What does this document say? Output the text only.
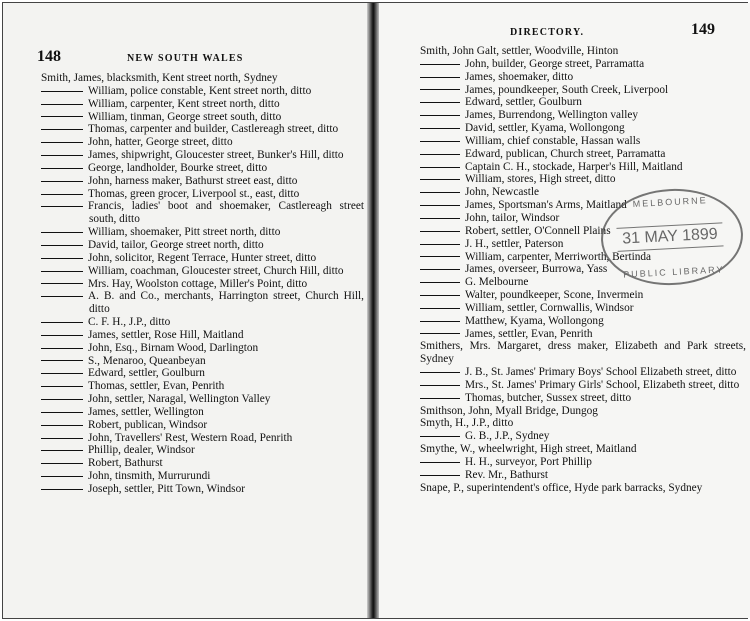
148	NEW SOUTH WALES
Smith, James, blacksmith, Kent street north, Sydney
William, police constable, Kent street north, ditto
William, carpenter, Kent street north, ditto
William, tinman, George street south, ditto
Thomas, carpenter and builder, Castlereagh street, ditto
John, hatter, George street, ditto
James, shipwright, Gloucester street, Bunker's Hill, ditto
George, landholder, Bourke street, ditto
John, harness maker, Bathurst street east, ditto
Thomas, green grocer, Liverpool st., east, ditto
Francis, ladies' boot and shoemaker, Castlereagh street south, ditto
William, shoemaker, Pitt street north, ditto
David, tailor, George street north, ditto
John, solicitor, Regent Terrace, Hunter street, ditto
William, coachman, Gloucester street, Church Hill, ditto
Mrs. Hay, Woolston cottage, Miller's Point, ditto
A. B. and Co., merchants, Harrington street, Church Hill, ditto
C. F. H., J.P., ditto
James, settler, Rose Hill, Maitland
John, Esq., Birnam Wood, Darlington
S., Menaroo, Queanbeyan
Edward, settler, Goulburn
Thomas, settler, Evan, Penrith
John, settler, Naragal, Wellington Valley
James, settler, Wellington
Robert, publican, Windsor
John, Travellers' Rest, Western Road, Penrith
Phillip, dealer, Windsor
Robert, Bathurst
John, tinsmith, Murrurundi
Joseph, settler, Pitt Town, Windsor
DIRECTORY.	149
Smith, John Galt, settler, Woodville, Hinton
John, builder, George street, Parramatta
James, shoemaker, ditto
James, poundkeeper, South Creek, Liverpool
Edward, settler, Goulburn
James, Burrendong, Wellington valley
David, settler, Kyama, Wollongong
William, chief constable, Hassan walls
Edward, publican, Church street, Parramatta
Captain C. H., stockade, Harper's Hill, Maitland
William, stores, High street, ditto
John, Newcastle
James, Sportsman's Arms, Maitland
John, tailor, Windsor
Robert, settler, O'Connell Plains
J. H., settler, Paterson
William, carpenter, Merriworth, Bertinda
James, overseer, Burrowa, Yass
G. Melbourne
Walter, poundkeeper, Scone, Invermein
William, settler, Cornwallis, Windsor
Matthew, Kyama, Wollongong
James, settler, Evan, Penrith
Smithers, Mrs. Margaret, dress maker, Elizabeth and Park streets, Sydney
J. B., St. James' Primary Boys' School Elizabeth street, ditto
Mrs., St. James' Primary Girls' School, Elizabeth street, ditto
Thomas, butcher, Sussex street, ditto
Smithson, John, Myall Bridge, Dungog
Smyth, H., J.P., ditto
G. B., J.P., Sydney
Smythe, W., wheelwright, High street, Maitland
H. H., surveyor, Port Phillip
Rev. Mr., Bathurst
Snape, P., superintendent's office, Hyde park barracks, Sydney
MELBOURNE
31 MAY 1899
PUBLIC LIBRARY
